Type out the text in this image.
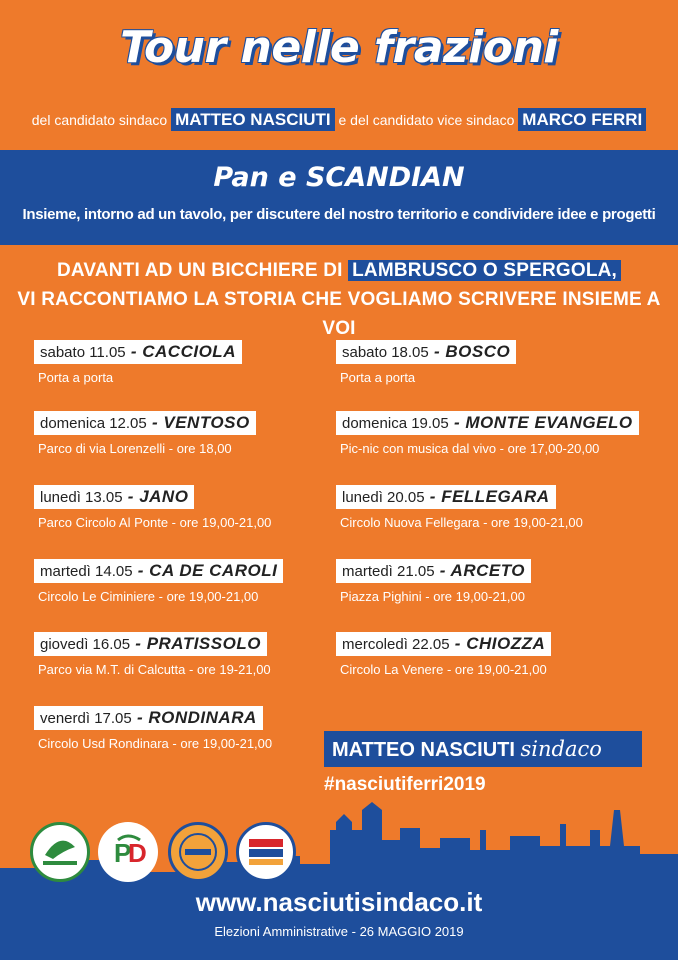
Tour nelle frazioni
del candidato sindaco MATTEO NASCIUTI e del candidato vice sindaco MARCO FERRI
Pan e SCANDIAN
Insieme, intorno ad un tavolo, per discutere del nostro territorio e condividere idee e progetti
DAVANTI AD UN BICCHIERE DI LAMBRUSCO O SPERGOLA,
VI RACCONTIAMO LA STORIA CHE VOGLIAMO SCRIVERE INSIEME A VOI
sabato 11.05 - CACCIOLA
Porta a porta
domenica 12.05 - VENTOSO
Parco di via Lorenzelli - ore 18,00
lunedì 13.05 - JANO
Parco Circolo Al Ponte - ore 19,00-21,00
martedì 14.05 - CA DE CAROLI
Circolo Le Ciminiere - ore 19,00-21,00
giovedì 16.05 - PRATISSOLO
Parco via M.T. di Calcutta - ore 19-21,00
venerdì 17.05 - RONDINARA
Circolo Usd Rondinara - ore 19,00-21,00
sabato 18.05 - BOSCO
Porta a porta
domenica 19.05 - MONTE EVANGELO
Pic-nic con musica dal vivo - ore 17,00-20,00
lunedì 20.05 - FELLEGARA
Circolo Nuova Fellegara - ore 19,00-21,00
martedì 21.05 - ARCETO
Piazza Pighini - ore 19,00-21,00
mercoledì 22.05 - CHIOZZA
Circolo La Venere - ore 19,00-21,00
P
D
MATTEO NASCIUTI sindaco
#nasciutiferri2019
www.nasciutisindaco.it
Elezioni Amministrative - 26 MAGGIO 2019
